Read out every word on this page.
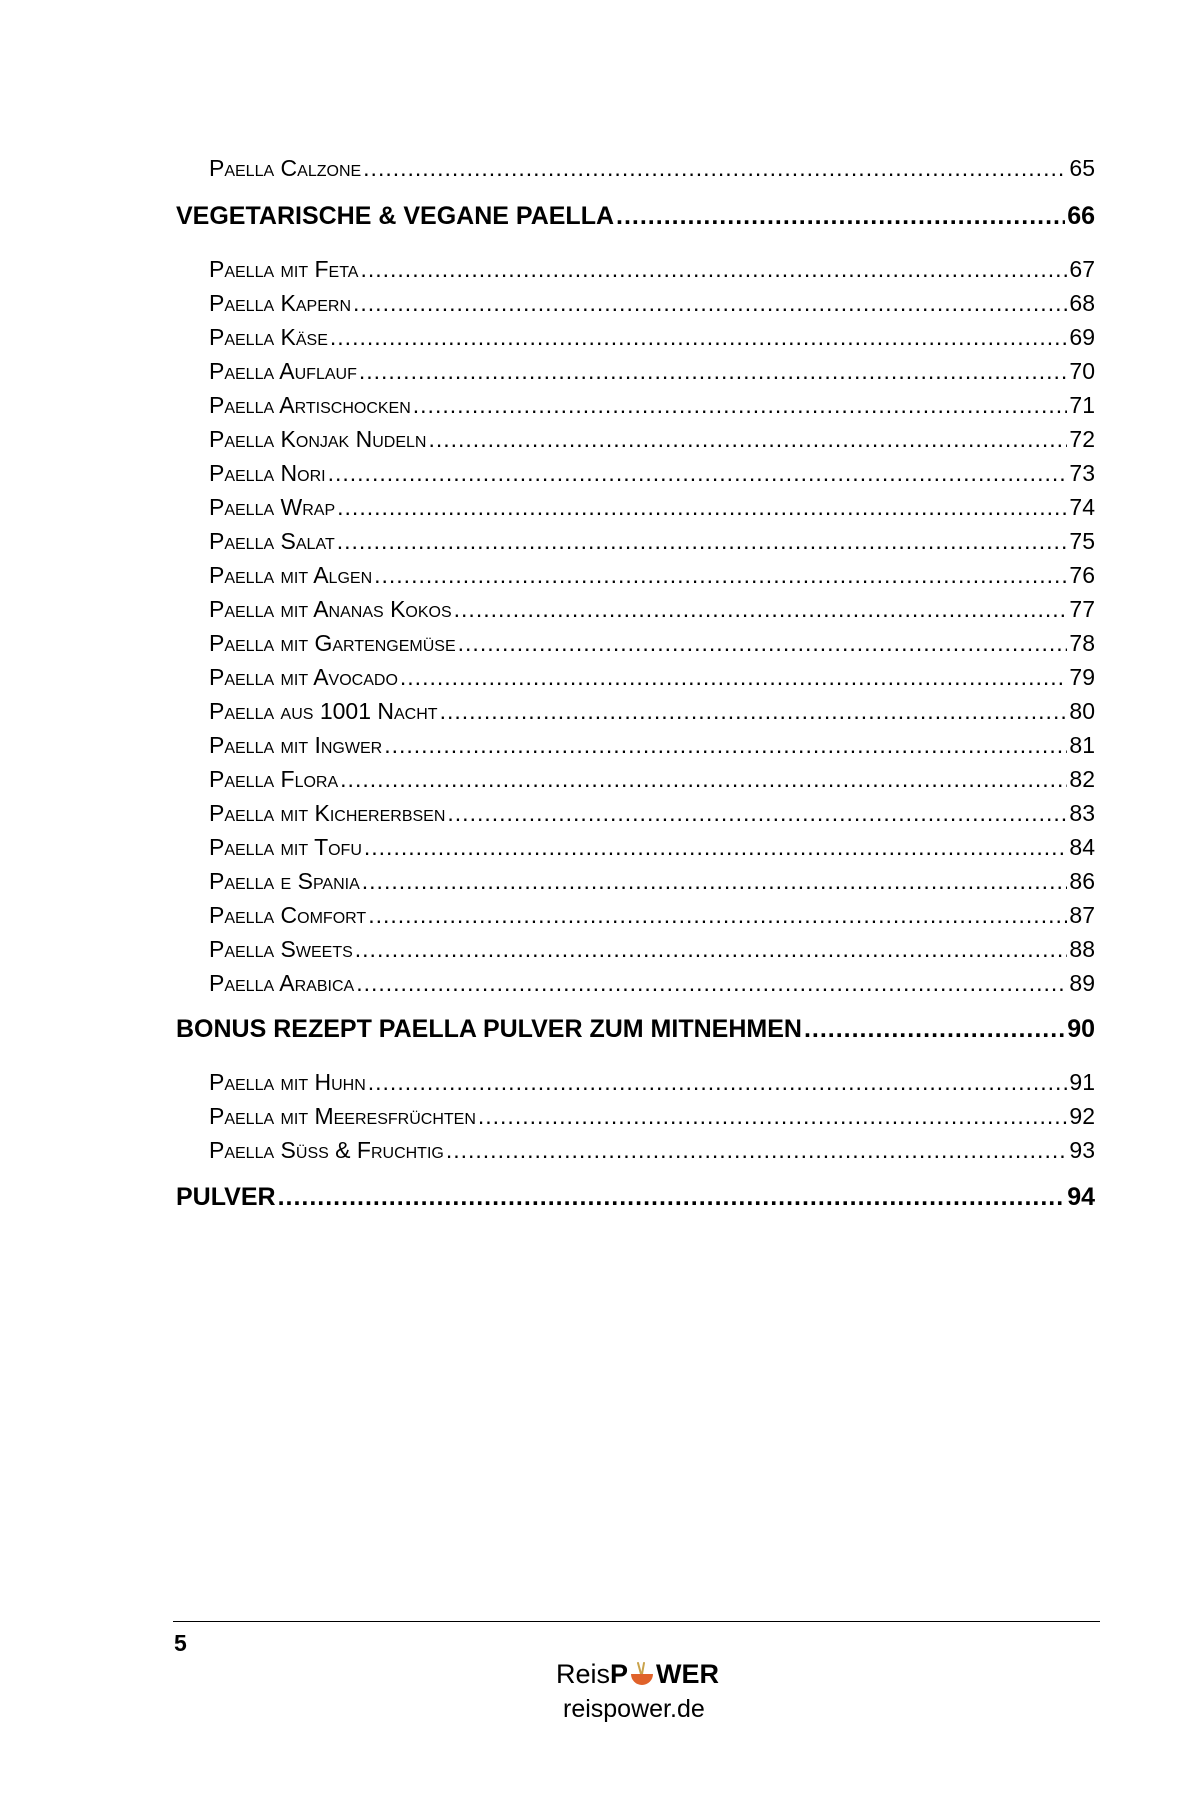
Paella Calzone .....	65
VEGETARISCHE & VEGANE PAELLA .....	66
Paella mit Feta .....	67
Paella Kapern .....	68
Paella Käse .....	69
Paella Auflauf .....	70
Paella Artischocken .....	71
Paella Konjak Nudeln .....	72
Paella Nori .....	73
Paella Wrap .....	74
Paella Salat .....	75
Paella mit Algen .....	76
Paella mit Ananas Kokos .....	77
Paella mit Gartengemüse .....	78
Paella mit Avocado .....	79
Paella aus 1001 Nacht .....	80
Paella mit Ingwer .....	81
Paella Flora .....	82
Paella mit Kichererbsen .....	83
Paella mit Tofu .....	84
Paella e Spania .....	86
Paella Comfort .....	87
Paella Sweets .....	88
Paella Arabica .....	89
BONUS REZEPT PAELLA PULVER ZUM MITNEHMEN .....	90
Paella mit Huhn .....	91
Paella mit Meeresfrüchten .....	92
Paella Süß & Fruchtig .....	93
PULVER .....	94
5
Reis P WER
reispower.de
